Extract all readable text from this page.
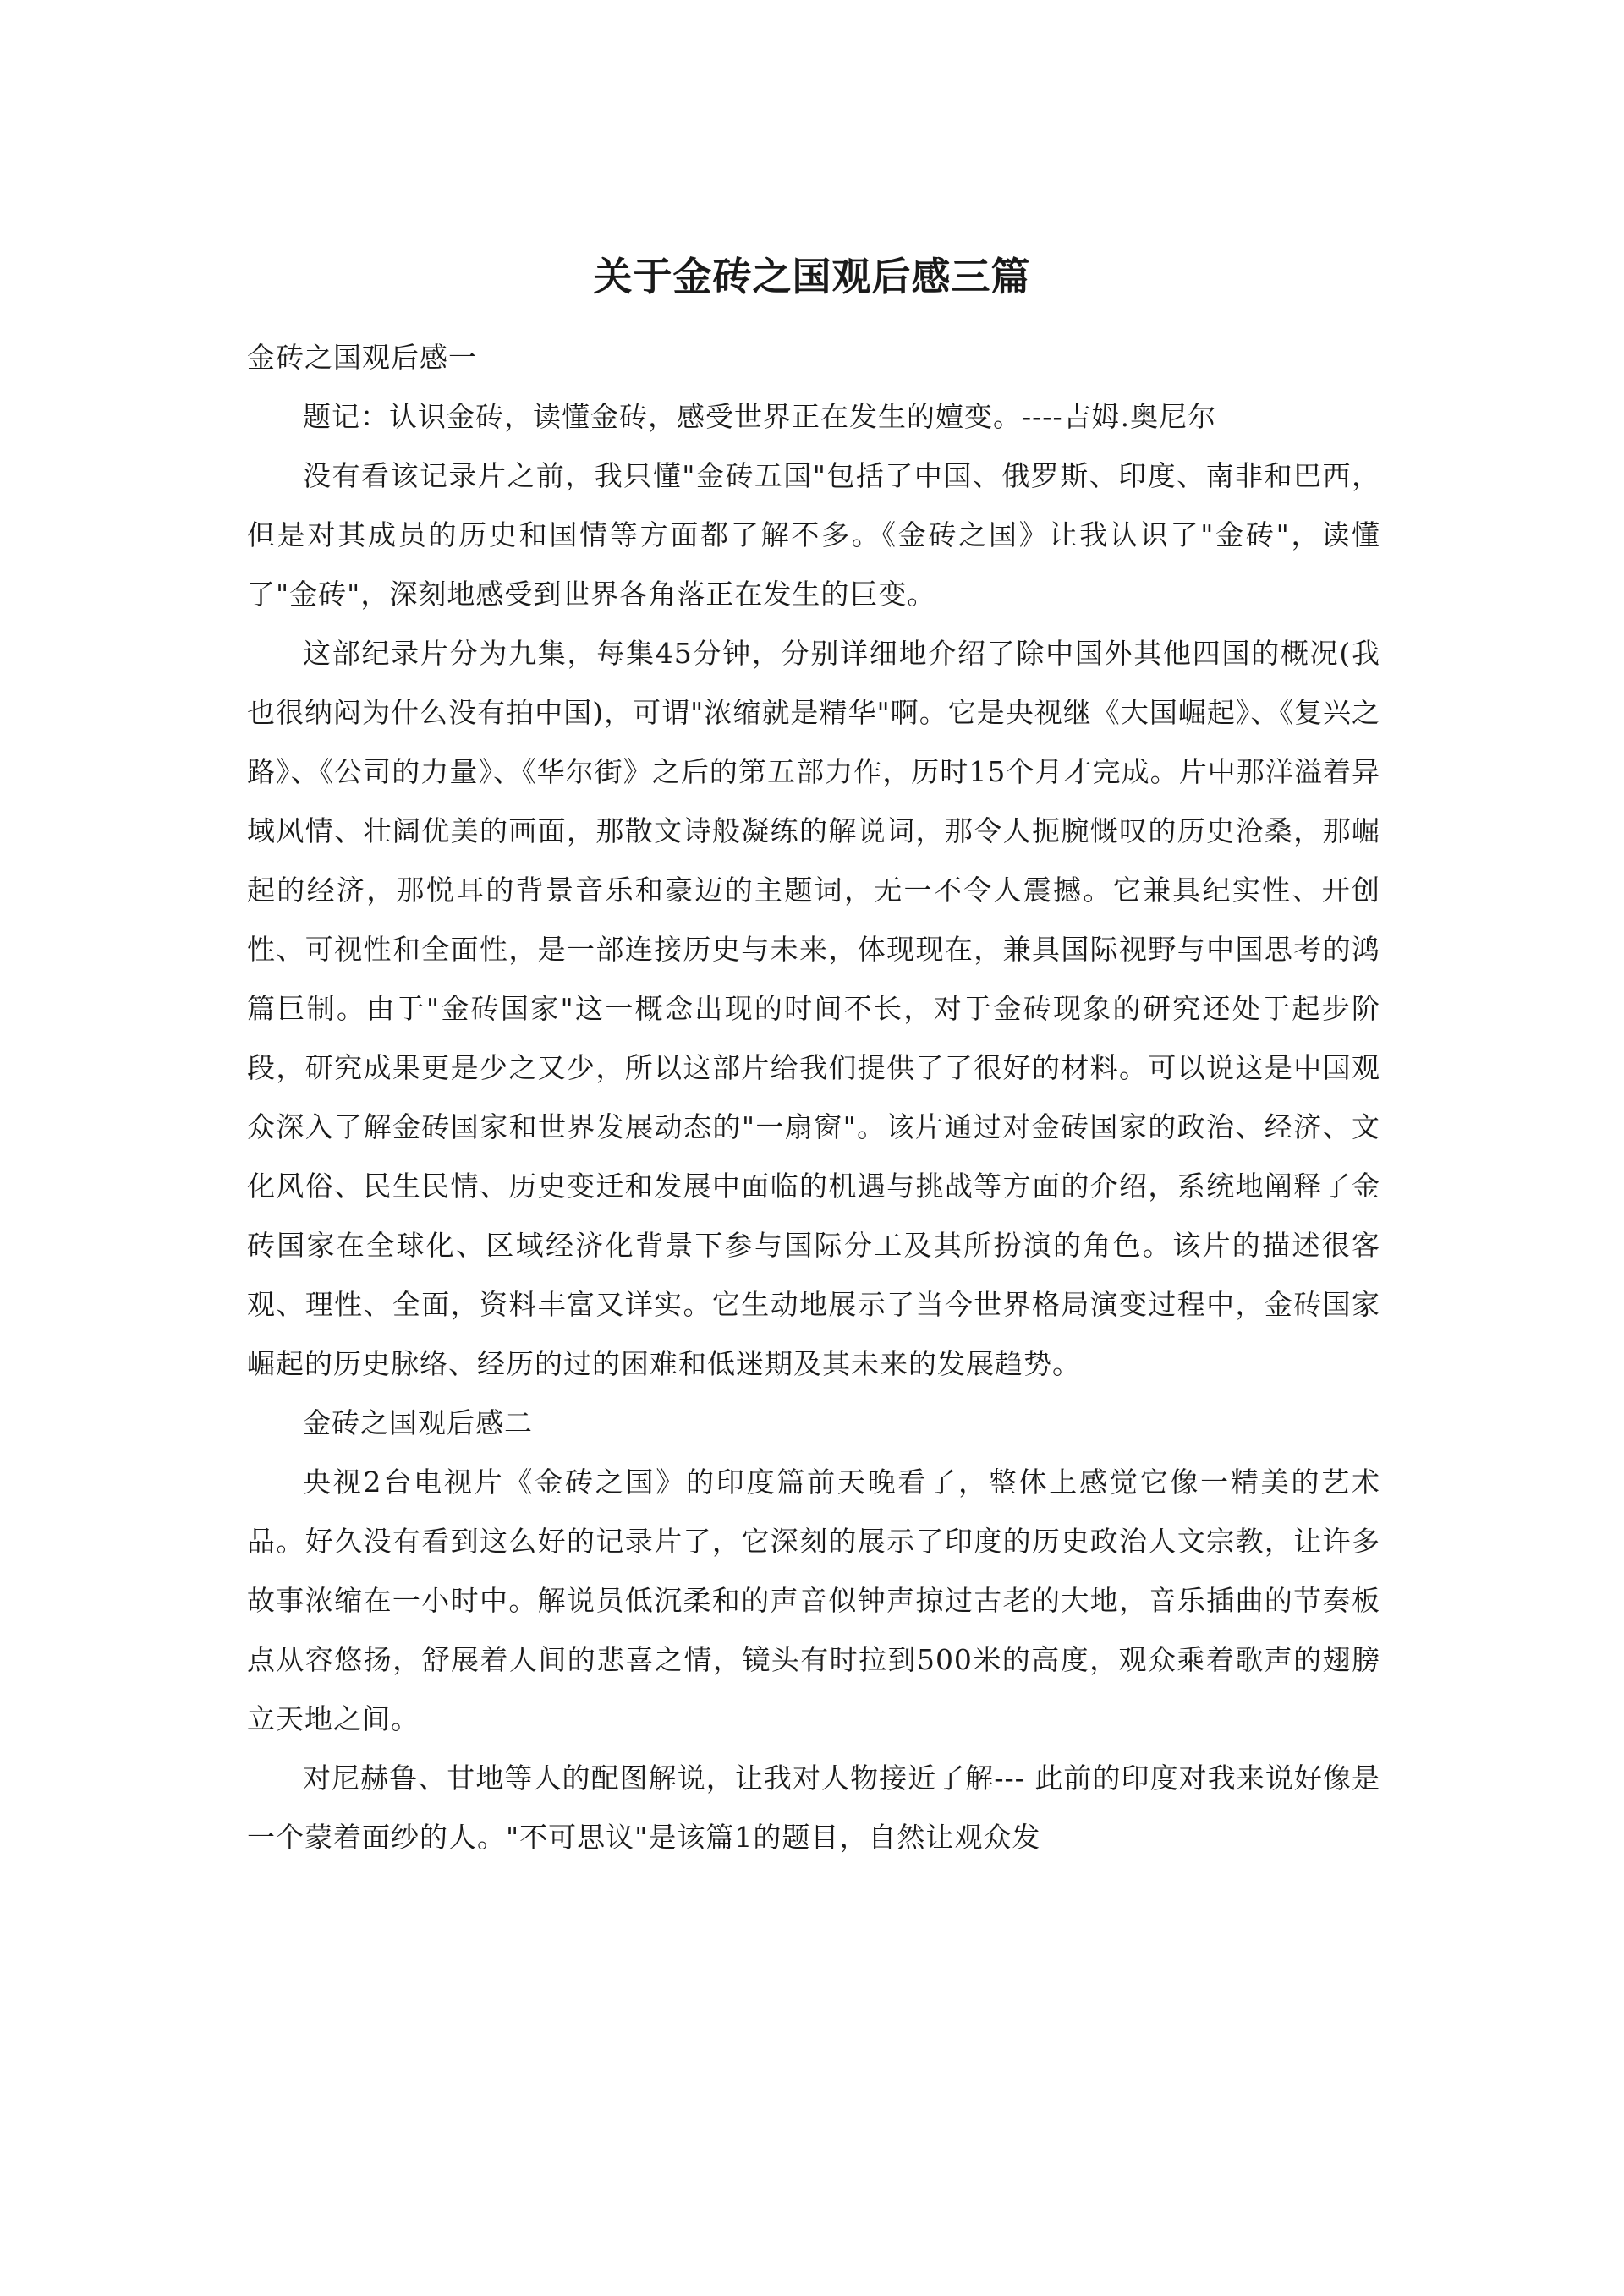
关于金砖之国观后感三篇

金砖之国观后感一

题记：认识金砖，读懂金砖，感受世界正在发生的嬗变。----吉姆.奥尼尔

没有看该记录片之前，我只懂"金砖五国"包括了中国、俄罗斯、印度、南非和巴西，但是对其成员的历史和国情等方面都了解不多。《金砖之国》让我认识了"金砖"，读懂了"金砖"，深刻地感受到世界各角落正在发生的巨变。

这部纪录片分为九集，每集45分钟，分别详细地介绍了除中国外其他四国的概况(我也很纳闷为什么没有拍中国)，可谓"浓缩就是精华"啊。它是央视继《大国崛起》、《复兴之路》、《公司的力量》、《华尔街》之后的第五部力作，历时15个月才完成。片中那洋溢着异域风情、壮阔优美的画面，那散文诗般凝练的解说词，那令人扼腕慨叹的历史沧桑，那崛起的经济，那悦耳的背景音乐和豪迈的主题词，无一不令人震撼。它兼具纪实性、开创性、可视性和全面性，是一部连接历史与未来，体现现在，兼具国际视野与中国思考的鸿篇巨制。由于"金砖国家"这一概念出现的时间不长，对于金砖现象的研究还处于起步阶段，研究成果更是少之又少，所以这部片给我们提供了了很好的材料。可以说这是中国观众深入了解金砖国家和世界发展动态的"一扇窗"。该片通过对金砖国家的政治、经济、文化风俗、民生民情、历史变迁和发展中面临的机遇与挑战等方面的介绍，系统地阐释了金砖国家在全球化、区域经济化背景下参与国际分工及其所扮演的角色。该片的描述很客观、理性、全面，资料丰富又详实。它生动地展示了当今世界格局演变过程中，金砖国家崛起的历史脉络、经历的过的困难和低迷期及其未来的发展趋势。

金砖之国观后感二

央视2台电视片《金砖之国》的印度篇前天晚看了，整体上感觉它像一精美的艺术品。好久没有看到这么好的记录片了，它深刻的展示了印度的历史政治人文宗教，让许多故事浓缩在一小时中。解说员低沉柔和的声音似钟声掠过古老的大地，音乐插曲的节奏板点从容悠扬，舒展着人间的悲喜之情，镜头有时拉到500米的高度，观众乘着歌声的翅膀立天地之间。

对尼赫鲁、甘地等人的配图解说，让我对人物接近了解--- 此前的印度对我来说好像是一个蒙着面纱的人。"不可思议"是该篇1的题目，自然让观众发
